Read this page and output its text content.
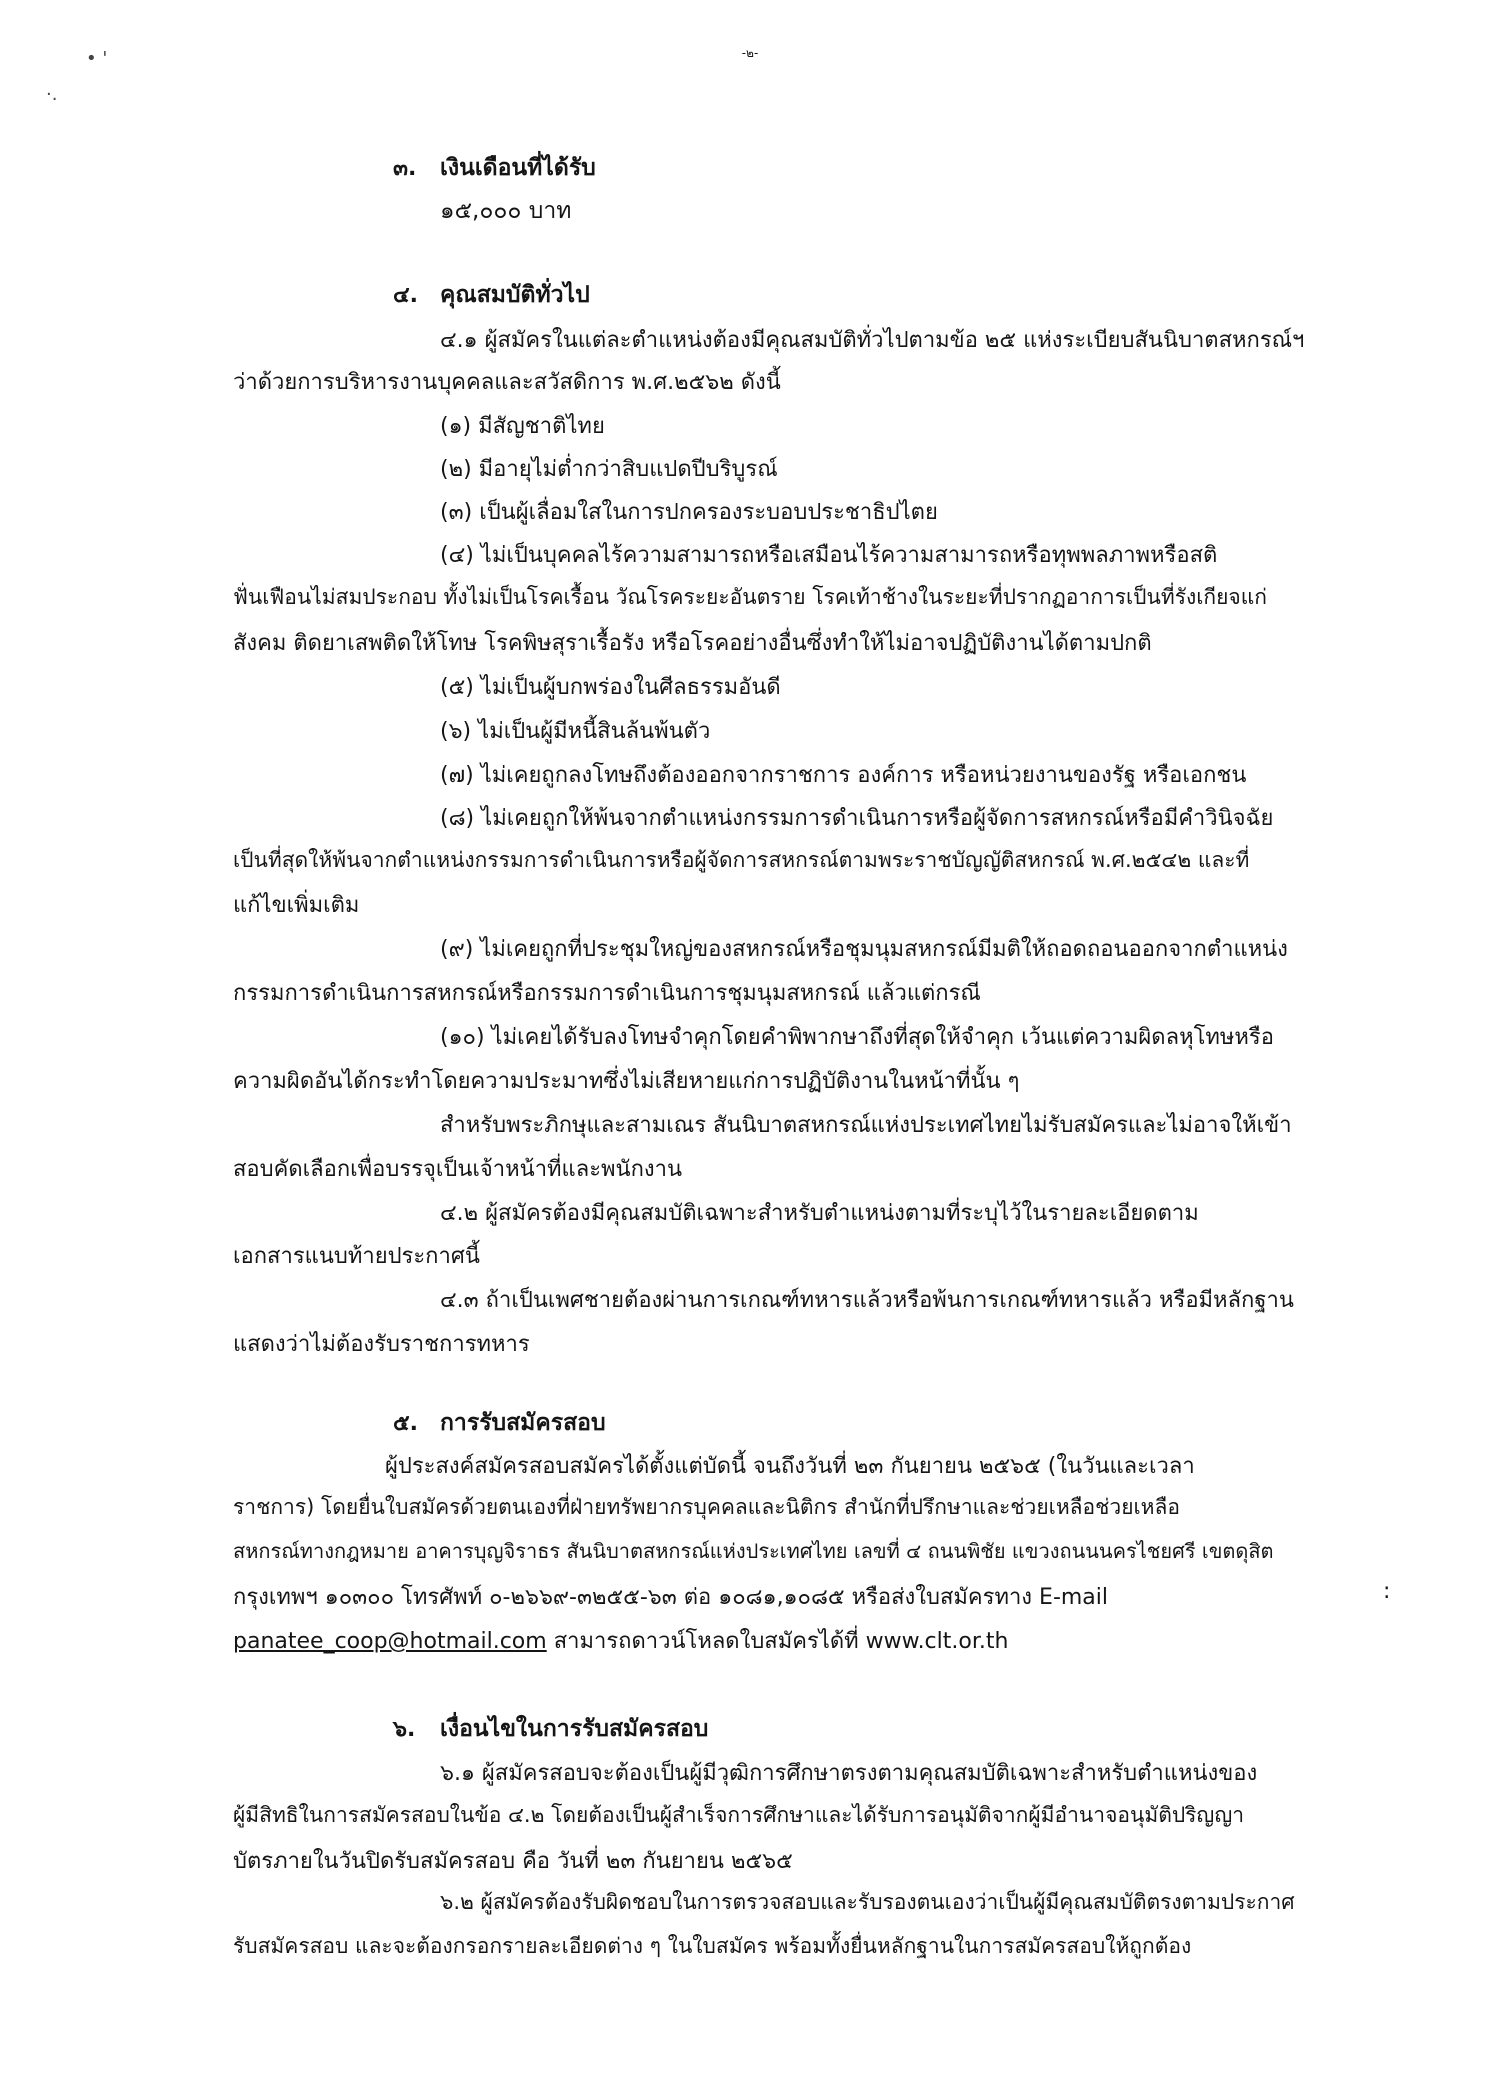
• '
·.
-๒-
๓. เงินเดือนที่ได้รับ
๑๕,๐๐๐ บาท
๔. คุณสมบัติทั่วไป
๔.๑ ผู้สมัครในแต่ละตำแหน่งต้องมีคุณสมบัติทั่วไปตามข้อ ๒๕ แห่งระเบียบสันนิบาตสหกรณ์ฯ
ว่าด้วยการบริหารงานบุคคลและสวัสดิการ พ.ศ.๒๕๖๒ ดังนี้
(๑) มีสัญชาติไทย
(๒) มีอายุไม่ต่ำกว่าสิบแปดปีบริบูรณ์
(๓) เป็นผู้เลื่อมใสในการปกครองระบอบประชาธิปไตย
(๔) ไม่เป็นบุคคลไร้ความสามารถหรือเสมือนไร้ความสามารถหรือทุพพลภาพหรือสติ
ฟั่นเฟือนไม่สมประกอบ ทั้งไม่เป็นโรคเรื้อน วัณโรคระยะอันตราย โรคเท้าช้างในระยะที่ปรากฏอาการเป็นที่รังเกียจแก่
สังคม ติดยาเสพติดให้โทษ โรคพิษสุราเรื้อรัง หรือโรคอย่างอื่นซึ่งทำให้ไม่อาจปฏิบัติงานได้ตามปกติ
(๕) ไม่เป็นผู้บกพร่องในศีลธรรมอันดี
(๖) ไม่เป็นผู้มีหนี้สินล้นพ้นตัว
(๗) ไม่เคยถูกลงโทษถึงต้องออกจากราชการ องค์การ หรือหน่วยงานของรัฐ หรือเอกชน
(๘) ไม่เคยถูกให้พ้นจากตำแหน่งกรรมการดำเนินการหรือผู้จัดการสหกรณ์หรือมีคำวินิจฉัย
เป็นที่สุดให้พ้นจากตำแหน่งกรรมการดำเนินการหรือผู้จัดการสหกรณ์ตามพระราชบัญญัติสหกรณ์ พ.ศ.๒๕๔๒ และที่
แก้ไขเพิ่มเติม
(๙) ไม่เคยถูกที่ประชุมใหญ่ของสหกรณ์หรือชุมนุมสหกรณ์มีมติให้ถอดถอนออกจากตำแหน่ง
กรรมการดำเนินการสหกรณ์หรือกรรมการดำเนินการชุมนุมสหกรณ์ แล้วแต่กรณี
(๑๐) ไม่เคยได้รับลงโทษจำคุกโดยคำพิพากษาถึงที่สุดให้จำคุก เว้นแต่ความผิดลหุโทษหรือ
ความผิดอันได้กระทำโดยความประมาทซึ่งไม่เสียหายแก่การปฏิบัติงานในหน้าที่นั้น ๆ
สำหรับพระภิกษุและสามเณร สันนิบาตสหกรณ์แห่งประเทศไทยไม่รับสมัครและไม่อาจให้เข้า
สอบคัดเลือกเพื่อบรรจุเป็นเจ้าหน้าที่และพนักงาน
๔.๒ ผู้สมัครต้องมีคุณสมบัติเฉพาะสำหรับตำแหน่งตามที่ระบุไว้ในรายละเอียดตาม
เอกสารแนบท้ายประกาศนี้
๔.๓ ถ้าเป็นเพศชายต้องผ่านการเกณฑ์ทหารแล้วหรือพ้นการเกณฑ์ทหารแล้ว หรือมีหลักฐาน
แสดงว่าไม่ต้องรับราชการทหาร
๕. การรับสมัครสอบ
ผู้ประสงค์สมัครสอบสมัครได้ตั้งแต่บัดนี้ จนถึงวันที่ ๒๓ กันยายน ๒๕๖๕ (ในวันและเวลา
ราชการ) โดยยื่นใบสมัครด้วยตนเองที่ฝ่ายทรัพยากรบุคคลและนิติกร สำนักที่ปรึกษาและช่วยเหลือช่วยเหลือ
สหกรณ์ทางกฎหมาย อาคารบุญจิราธร สันนิบาตสหกรณ์แห่งประเทศไทย เลขที่ ๔ ถนนพิชัย แขวงถนนนครไชยศรี เขตดุสิต
กรุงเทพฯ ๑๐๓๐๐ โทรศัพท์ ๐-๒๖๖๙-๓๒๕๕-๖๓ ต่อ ๑๐๘๑,๑๐๘๕ หรือส่งใบสมัครทาง E-mail	:
panatee_coop@hotmail.com สามารถดาวน์โหลดใบสมัครได้ที่ www.clt.or.th
๖. เงื่อนไขในการรับสมัครสอบ
๖.๑ ผู้สมัครสอบจะต้องเป็นผู้มีวุฒิการศึกษาตรงตามคุณสมบัติเฉพาะสำหรับตำแหน่งของ
ผู้มีสิทธิในการสมัครสอบในข้อ ๔.๒ โดยต้องเป็นผู้สำเร็จการศึกษาและได้รับการอนุมัติจากผู้มีอำนาจอนุมัติปริญญา
บัตรภายในวันปิดรับสมัครสอบ คือ วันที่ ๒๓ กันยายน ๒๕๖๕
๖.๒ ผู้สมัครต้องรับผิดชอบในการตรวจสอบและรับรองตนเองว่าเป็นผู้มีคุณสมบัติตรงตามประกาศ
รับสมัครสอบ และจะต้องกรอกรายละเอียดต่าง ๆ ในใบสมัคร พร้อมทั้งยื่นหลักฐานในการสมัครสอบให้ถูกต้อง
